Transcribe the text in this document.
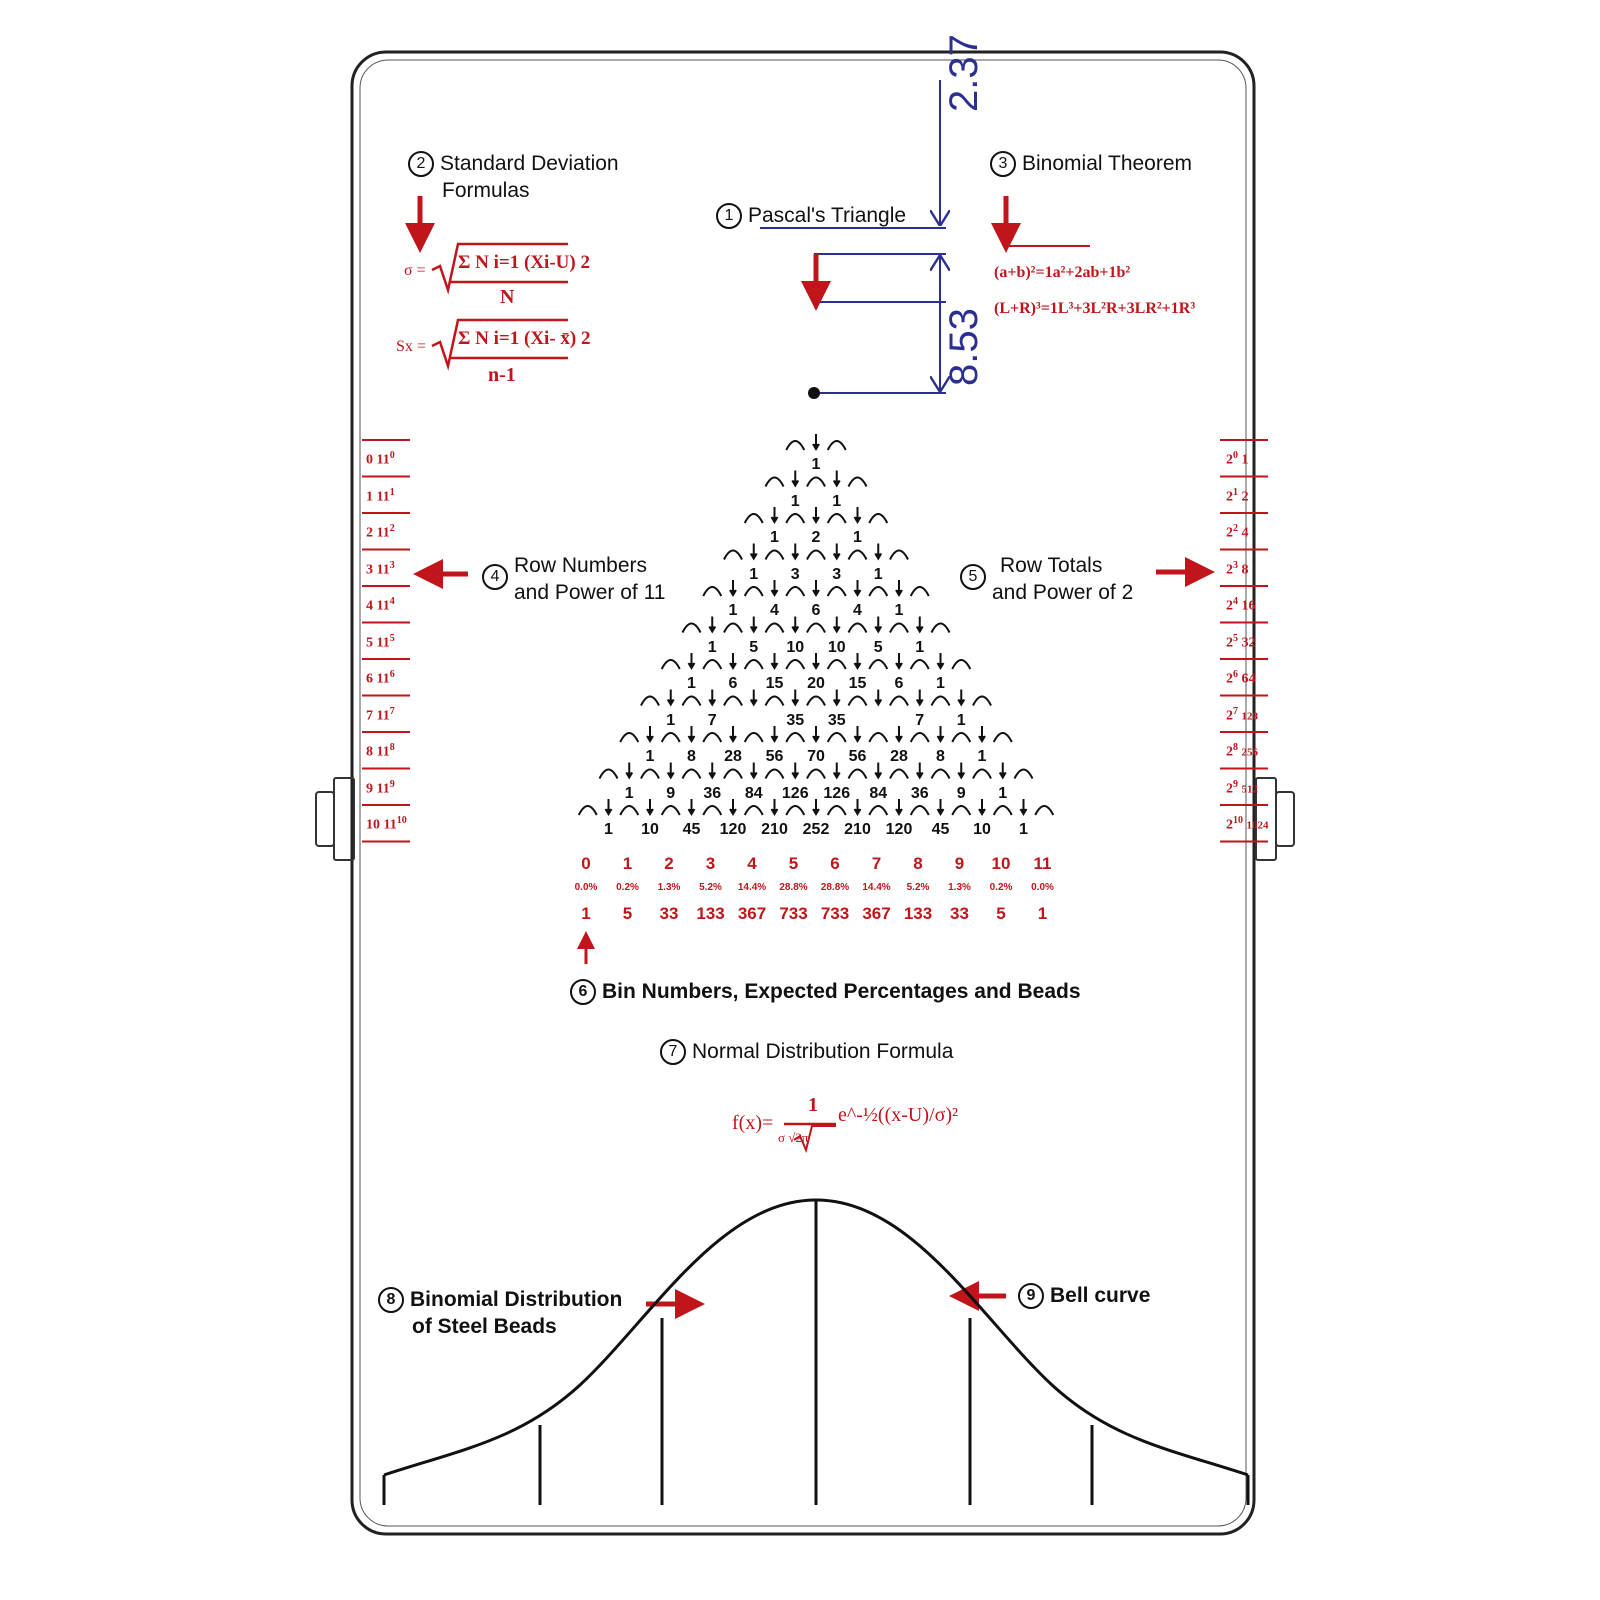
2.37
8.53
1 Pascal's Triangle
2 Standard Deviation
Formulas
σ = Σ N i=1 (Xi-U) 2
N
Sx = Σ N i=1 (Xi- x̄) 2
n-1
3 Binomial Theorem
(a+b)²=1a²+2ab+1b²
(L+R)³=1L³+3L²R+3LR²+1R³
4 Row Numbers
and Power of 11
5 Row Totals
and Power of 2
0 $11^0$
1 $11^1$
2 $11^2$
3 $11^3$
4 $11^4$
5 $11^5$
6 $11^6$
7 $11^7$
8 $11^8$
9 $11^9$
10 $11^{10}$
$2^0$ 1
$2^1$ 2
$2^2$ 4
$2^3$ 8
$2^4$ 16
$2^5$ 32
$2^6$ 64
$2^7$ 128
$2^8$ 256
$2^9$ 512
$2^{10}$ 1024
1
1 1
1 2 1
1 3 3 1
1 4 6 4 1
1 5 10 10 5 1
1 6 15 20 15 6 1
1 7	35 35	7 1
1 8 28 56 70 56 28 8 1
1 9 36 84 126 126 84 36 9 1
1 10 45 120 210 252 210 120 45 10 1
0
0.0%
1
1
0.2%
5
2
1.3%
33
3
5.2%
133
4
14.4%
367
5
28.8%
733
6
28.8%
733
7
14.4%
367
8
5.2%
133
9
1.3%
33
10
0.2%
5
11
0.0%
1
6 Bin Numbers, Expected Percentages and Beads
7 Normal Distribution Formula
f(x)=
1
σ √2π
e^-½((x-U)/σ)²
8 Binomial Distribution
of Steel Beads
9 Bell curve
